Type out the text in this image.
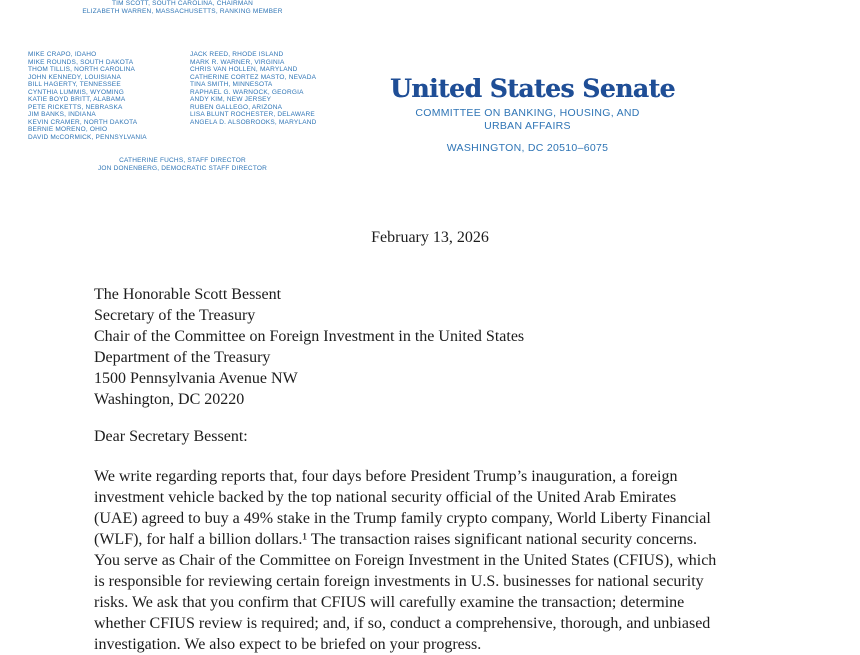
TIM SCOTT, SOUTH CAROLINA, CHAIRMAN
ELIZABETH WARREN, MASSACHUSETTS, RANKING MEMBER
MIKE CRAPO, IDAHO
MIKE ROUNDS, SOUTH DAKOTA
THOM TILLIS, NORTH CAROLINA
JOHN KENNEDY, LOUISIANA
BILL HAGERTY, TENNESSEE
CYNTHIA LUMMIS, WYOMING
KATIE BOYD BRITT, ALABAMA
PETE RICKETTS, NEBRASKA
JIM BANKS, INDIANA
KEVIN CRAMER, NORTH DAKOTA
BERNIE MORENO, OHIO
DAVID McCORMICK, PENNSYLVANIA
JACK REED, RHODE ISLAND
MARK R. WARNER, VIRGINIA
CHRIS VAN HOLLEN, MARYLAND
CATHERINE CORTEZ MASTO, NEVADA
TINA SMITH, MINNESOTA
RAPHAEL G. WARNOCK, GEORGIA
ANDY KIM, NEW JERSEY
RUBEN GALLEGO, ARIZONA
LISA BLUNT ROCHESTER, DELAWARE
ANGELA D. ALSOBROOKS, MARYLAND
CATHERINE FUCHS, STAFF DIRECTOR
JON DONENBERG, DEMOCRATIC STAFF DIRECTOR
United States Senate
COMMITTEE ON BANKING, HOUSING, AND
URBAN AFFAIRS
WASHINGTON, DC 20510–6075
February 13, 2026
The Honorable Scott Bessent
Secretary of the Treasury
Chair of the Committee on Foreign Investment in the United States
Department of the Treasury
1500 Pennsylvania Avenue NW
Washington, DC 20220
Dear Secretary Bessent:
We write regarding reports that, four days before President Trump’s inauguration, a foreign
investment vehicle backed by the top national security official of the United Arab Emirates
(UAE) agreed to buy a 49% stake in the Trump family crypto company, World Liberty Financial
(WLF), for half a billion dollars.¹ The transaction raises significant national security concerns.
You serve as Chair of the Committee on Foreign Investment in the United States (CFIUS), which
is responsible for reviewing certain foreign investments in U.S. businesses for national security
risks. We ask that you confirm that CFIUS will carefully examine the transaction; determine
whether CFIUS review is required; and, if so, conduct a comprehensive, thorough, and unbiased
investigation. We also expect to be briefed on your progress.
